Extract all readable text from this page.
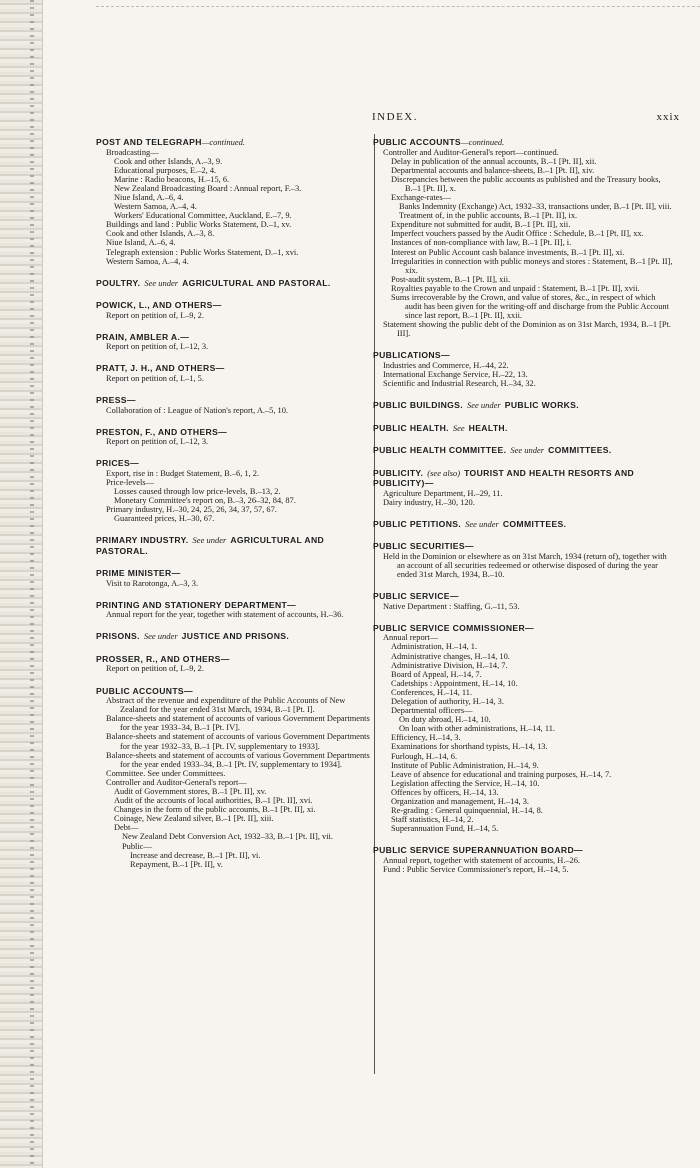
INDEX.	xxix
POST AND TELEGRAPH—continued.
Broadcasting—
Cook and other Islands, A.–3, 9.
Educational purposes, E.–2, 4.
Marine : Radio beacons, H.–15, 6.
New Zealand Broadcasting Board : Annual report, F.–3.
Niue Island, A.–6, 4.
Western Samoa, A.–4, 4.
Workers' Educational Committee, Auckland, E.–7, 9.
Buildings and land : Public Works Statement, D.–1, xv.
Cook and other Islands, A.–3, 8.
Niue Island, A.–6, 4.
Telegraph extension : Public Works Statement, D.–1, xvi.
Western Samoa, A.–4, 4.
POULTRY. See under AGRICULTURAL AND PASTORAL.
POWICK, L., AND OTHERS—
Report on petition of, I.–9, 2.
PRAIN, AMBLER A.—
Report on petition of, I.–12, 3.
PRATT, J. H., AND OTHERS—
Report on petition of, I.–1, 5.
PRESS—
Collaboration of : League of Nation's report, A.–5, 10.
PRESTON, F., AND OTHERS—
Report on petition of, I.–12, 3.
PRICES—
Export, rise in : Budget Statement, B.–6, 1, 2.
Price-levels—
Losses caused through low price-levels, B.–13, 2.
Monetary Committee's report on, B.–3, 26–32, 84, 87.
Primary industry, H.–30, 24, 25, 26, 34, 37, 57, 67.
Guaranteed prices, H.–30, 67.
PRIMARY INDUSTRY. See under AGRICULTURAL AND PASTORAL.
PRIME MINISTER—
Visit to Rarotonga, A.–3, 3.
PRINTING AND STATIONERY DEPARTMENT—
Annual report for the year, together with statement of accounts, H.–36.
PRISONS. See under JUSTICE AND PRISONS.
PROSSER, R., AND OTHERS—
Report on petition of, I.–9, 2.
PUBLIC ACCOUNTS—
Abstract of the revenue and expenditure of the Public Accounts of New Zealand for the year ended 31st March, 1934, B.–1 [Pt. I].
Balance-sheets and statement of accounts of various Government Departments for the year 1933–34, B.–1 [Pt. IV].
Balance-sheets and statement of accounts of various Government Departments for the year 1932–33, B.–1 [Pt. IV, supplementary to 1933].
Balance-sheets and statement of accounts of various Government Departments for the year ended 1933–34, B.–1 [Pt. IV, supplementary to 1934].
Committee. See under Committees.
Controller and Auditor-General's report—
Audit of Government stores, B.–1 [Pt. II], xv.
Audit of the accounts of local authorities, B.–1 [Pt. II], xvi.
Changes in the form of the public accounts, B.–1 [Pt. II], xi.
Coinage, New Zealand silver, B.–1 [Pt. II], xiii.
Debt—
New Zealand Debt Conversion Act, 1932–33, B.–1 [Pt. II], vii.
Public—
Increase and decrease, B.–1 [Pt. II], vi.
Repayment, B.–1 [Pt. II], v.
PUBLIC ACCOUNTS—continued.
Controller and Auditor-General's report—continued.
Delay in publication of the annual accounts, B.–1 [Pt. II], xii.
Departmental accounts and balance-sheets, B.–1 [Pt. II], xiv.
Discrepancies between the public accounts as published and the Treasury books, B.–1 [Pt. II], x.
Exchange-rates—
Banks Indemnity (Exchange) Act, 1932–33, transactions under, B.–1 [Pt. II], viii.
Treatment of, in the public accounts, B.–1 [Pt. II], ix.
Expenditure not submitted for audit, B.–1 [Pt. II], xii.
Imperfect vouchers passed by the Audit Office : Schedule, B.–1 [Pt. II], xx.
Instances of non-compliance with law, B.–1 [Pt. II], i.
Interest on Public Account cash balance investments, B.–1 [Pt. II], xi.
Irregularities in connection with public moneys and stores : Statement, B.–1 [Pt. II], xix.
Post-audit system, B.–1 [Pt. II], xii.
Royalties payable to the Crown and unpaid : Statement, B.–1 [Pt. II], xvii.
Sums irrecoverable by the Crown, and value of stores, &c., in respect of which audit has been given for the writing-off and discharge from the Public Account since last report, B.–1 [Pt. II], xxii.
Statement showing the public debt of the Dominion as on 31st March, 1934, B.–1 [Pt. III].
PUBLICATIONS—
Industries and Commerce, H.–44, 22.
International Exchange Service, H.–22, 13.
Scientific and Industrial Research, H.–34, 32.
PUBLIC BUILDINGS. See under PUBLIC WORKS.
PUBLIC HEALTH. See HEALTH.
PUBLIC HEALTH COMMITTEE. See under COMMITTEES.
PUBLICITY. (see also) TOURIST AND HEALTH RESORTS AND PUBLICITY)—
Agriculture Department, H.–29, 11.
Dairy industry, H.–30, 120.
PUBLIC PETITIONS. See under COMMITTEES.
PUBLIC SECURITIES—
Held in the Dominion or elsewhere as on 31st March, 1934 (return of), together with an account of all securities redeemed or otherwise disposed of during the year ended 31st March, 1934, B.–10.
PUBLIC SERVICE—
Native Department : Staffing, G.–11, 53.
PUBLIC SERVICE COMMISSIONER—
Annual report—
Administration, H.–14, 1.
Administrative changes, H.–14, 10.
Administrative Division, H.–14, 7.
Board of Appeal, H.–14, 7.
Cadetships : Appointment, H.–14, 10.
Conferences, H.–14, 11.
Delegation of authority, H.–14, 3.
Departmental officers—
On duty abroad, H.–14, 10.
On loan with other administrations, H.–14, 11.
Efficiency, H.–14, 3.
Examinations for shorthand typists, H.–14, 13.
Furlough, H.–14, 6.
Institute of Public Administration, H.–14, 9.
Leave of absence for educational and training purposes, H.–14, 7.
Legislation affecting the Service, H.–14, 10.
Offences by officers, H.–14, 13.
Organization and management, H.–14, 3.
Re-grading : General quinquennial, H.–14, 8.
Staff statistics, H.–14, 2.
Superannuation Fund, H.–14, 5.
PUBLIC SERVICE SUPERANNUATION BOARD—
Annual report, together with statement of accounts, H.–26.
Fund : Public Service Commissioner's report, H.–14, 5.
